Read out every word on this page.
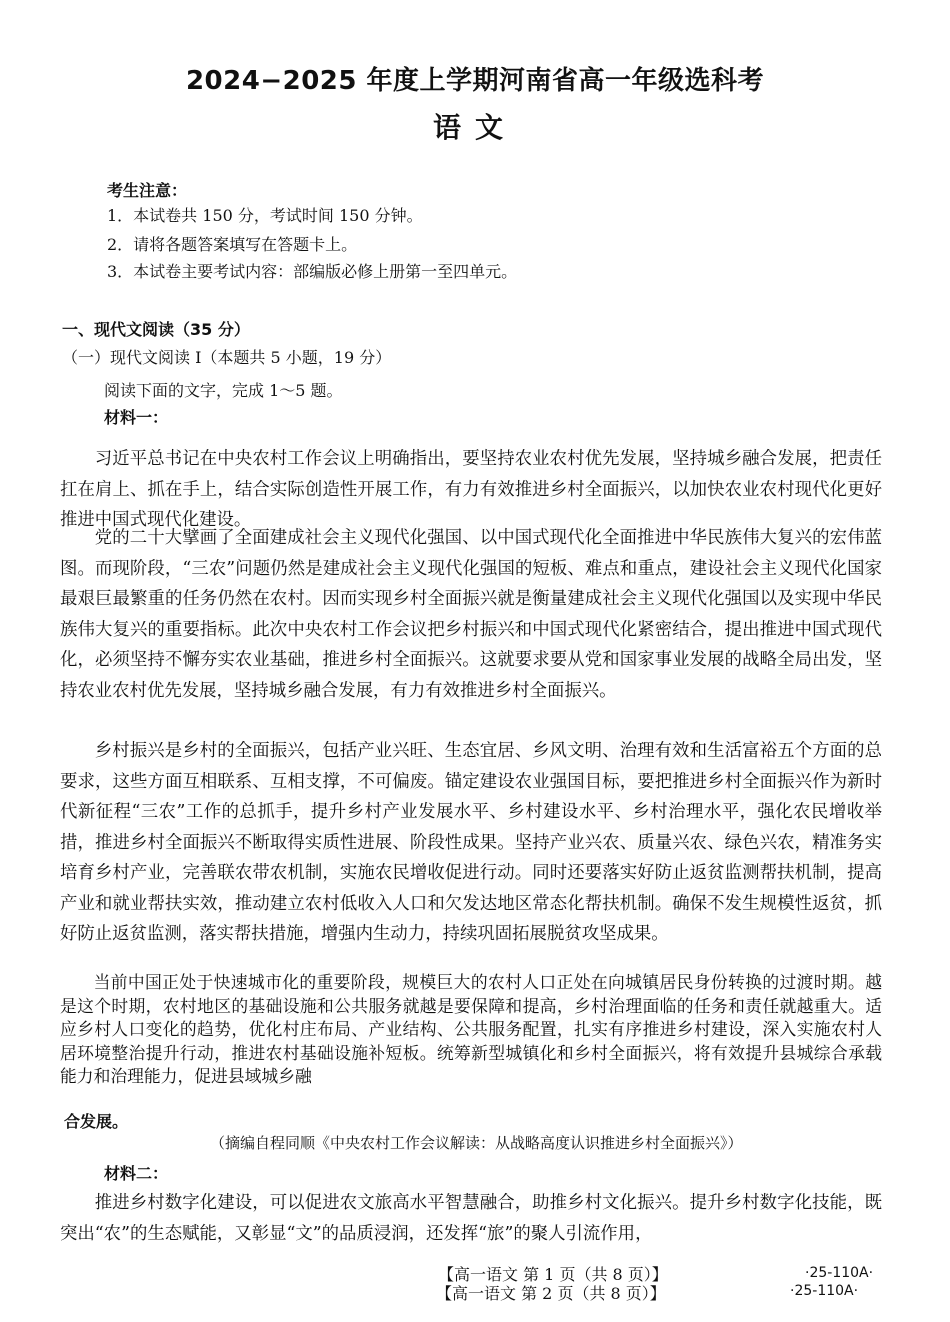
2024−2025 年度上学期河南省高一年级选科考
语文
考生注意：
1．本试卷共 150 分，考试时间 150 分钟。
2．请将各题答案填写在答题卡上。
3．本试卷主要考试内容：部编版必修上册第一至四单元。
一、现代文阅读（35 分）
（一）现代文阅读 I（本题共 5 小题，19 分）
阅读下面的文字，完成 1～5 题。
材料一：

习近平总书记在中央农村工作会议上明确指出，要坚持农业农村优先发展，坚持城乡融合发展，把责任扛在肩上、抓在手上，结合实际创造性开展工作，有力有效推进乡村全面振兴，以加快农业农村现代化更好推进中国式现代化建设。

党的二十大擘画了全面建成社会主义现代化强国、以中国式现代化全面推进中华民族伟大复兴的宏伟蓝图。而现阶段，“三农”问题仍然是建成社会主义现代化强国的短板、难点和重点，建设社会主义现代化国家最艰巨最繁重的任务仍然在农村。因而实现乡村全面振兴就是衡量建成社会主义现代化强国以及实现中华民族伟大复兴的重要指标。此次中央农村工作会议把乡村振兴和中国式现代化紧密结合，提出推进中国式现代化，必须坚持不懈夯实农业基础，推进乡村全面振兴。这就要求要从党和国家事业发展的战略全局出发，坚持农业农村优先发展，坚持城乡融合发展，有力有效推进乡村全面振兴。

乡村振兴是乡村的全面振兴，包括产业兴旺、生态宜居、乡风文明、治理有效和生活富裕五个方面的总要求，这些方面互相联系、互相支撑，不可偏废。锚定建设农业强国目标，要把推进乡村全面振兴作为新时代新征程“三农”工作的总抓手，提升乡村产业发展水平、乡村建设水平、乡村治理水平，强化农民增收举措，推进乡村全面振兴不断取得实质性进展、阶段性成果。坚持产业兴农、质量兴农、绿色兴农，精准务实培育乡村产业，完善联农带农机制，实施农民增收促进行动。同时还要落实好防止返贫监测帮扶机制，提高产业和就业帮扶实效，推动建立农村低收入人口和欠发达地区常态化帮扶机制。确保不发生规模性返贫，抓好防止返贫监测，落实帮扶措施，增强内生动力，持续巩固拓展脱贫攻坚成果。

当前中国正处于快速城市化的重要阶段，规模巨大的农村人口正处在向城镇居民身份转换的过渡时期。越是这个时期，农村地区的基础设施和公共服务就越是要保障和提高，乡村治理面临的任务和责任就越重大。适应乡村人口变化的趋势，优化村庄布局、产业结构、公共服务配置，扎实有序推进乡村建设，深入实施农村人居环境整治提升行动，推进农村基础设施补短板。统筹新型城镇化和乡村全面振兴，将有效提升县城综合承载能力和治理能力，促进县域城乡融

合发展。
（摘编自程同顺《中央农村工作会议解读：从战略高度认识推进乡村全面振兴》）
材料二：

推进乡村数字化建设，可以促进农文旅高水平智慧融合，助推乡村文化振兴。提升乡村数字化技能，既突出“农”的生态赋能，又彰显“文”的品质浸润，还发挥“旅”的聚人引流作用，

【高一语文 第 1 页（共 8 页）】	·25-110A·
【高一语文 第 2 页（共 8 页）】	·25-110A·
